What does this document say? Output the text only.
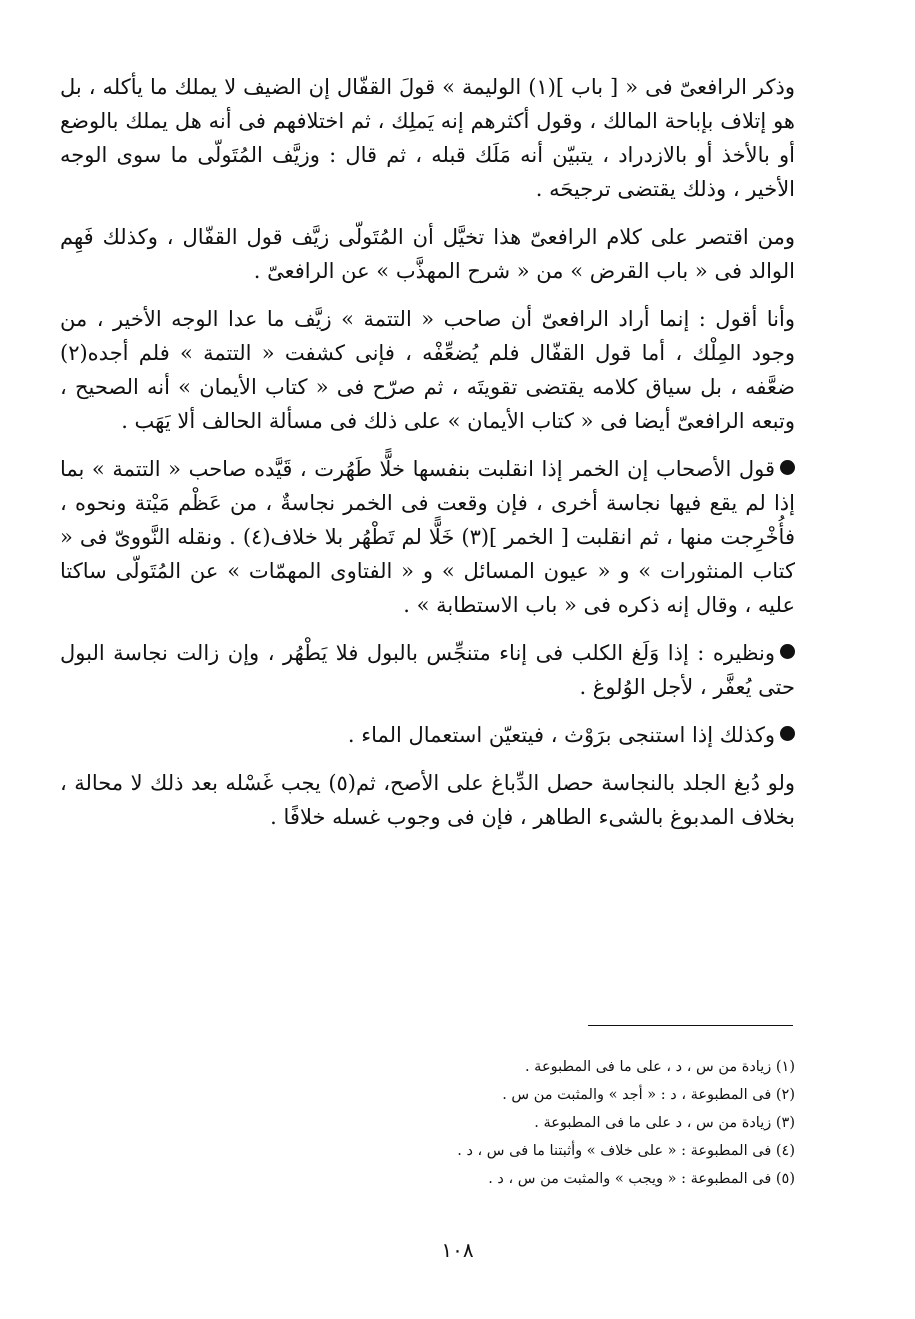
وذكر الرافعىّ فى « [ باب ](١) الوليمة » قولَ القفّال إن الضيف لا يملك ما يأكله ، بل هو إتلاف بإباحة المالك ، وقول أكثرهم إنه يَملِك ، ثم اختلافهم فى أنه هل يملك بالوضع أو بالأخذ أو بالازدراد ، يتبيّن أنه مَلَك قبله ، ثم قال : وزيَّف المُتَولّى ما سوى الوجه الأخير ، وذلك يقتضى ترجيحَه .

ومن اقتصر على كلام الرافعىّ هذا تخيَّل أن المُتَولّى زيَّف قول القفّال ، وكذلك فَهِم الوالد فى « باب القرض » من « شرح المهذَّب » عن الرافعىّ .

وأنا أقول : إنما أراد الرافعىّ أن صاحب « التتمة » زيَّف ما عدا الوجه الأخير ، من وجود المِلْك ، أما قول القفّال فلم يُضعِّفْه ، فإنى كشفت « التتمة » فلم أجده(٢) ضعَّفه ، بل سياق كلامه يقتضى تقويتَه ، ثم صرّح فى « كتاب الأيمان » أنه الصحيح ، وتبعه الرافعىّ أيضا فى « كتاب الأيمان » على ذلك فى مسألة الحالف ألا يَهَب .

قول الأصحاب إن الخمر إذا انقلبت بنفسها خلًّا طَهُرت ، قَيَّده صاحب « التتمة » بما إذا لم يقع فيها نجاسة أخرى ، فإن وقعت فى الخمر نجاسةٌ ، من عَظْم مَيْتة ونحوه ، فأُخْرِجت منها ، ثم انقلبت [ الخمر ](٣) خَلًّا لم تَطْهُر بلا خلاف(٤) . ونقله النَّووىّ فى « كتاب المنثورات » و « عيون المسائل » و « الفتاوى المهمّات » عن المُتَولّى ساكتا عليه ، وقال إنه ذكره فى « باب الاستطابة » .

ونظيره : إذا وَلَغ الكلب فى إناء متنجِّس بالبول فلا يَطْهُر ، وإن زالت نجاسة البول حتى يُعفَّر ، لأجل الوُلوغ .

وكذلك إذا استنجى برَوْث ، فيتعيّن استعمال الماء .

ولو دُبغ الجلد بالنجاسة حصل الدِّباغ على الأصح، ثم(٥) يجب غَسْله بعد ذلك لا محالة ، بخلاف المدبوغ بالشىء الطاهر ، فإن فى وجوب غسله خلافًا .

(١) زيادة من س ، د ، على ما فى المطبوعة .

(٢) فى المطبوعة ، د : « أجد » والمثبت من س .

(٣) زيادة من س ، د على ما فى المطبوعة .

(٤) فى المطبوعة : « على خلاف » وأثبتنا ما فى س ، د .

(٥) فى المطبوعة : « ويجب » والمثبت من س ، د .

١٠٨
